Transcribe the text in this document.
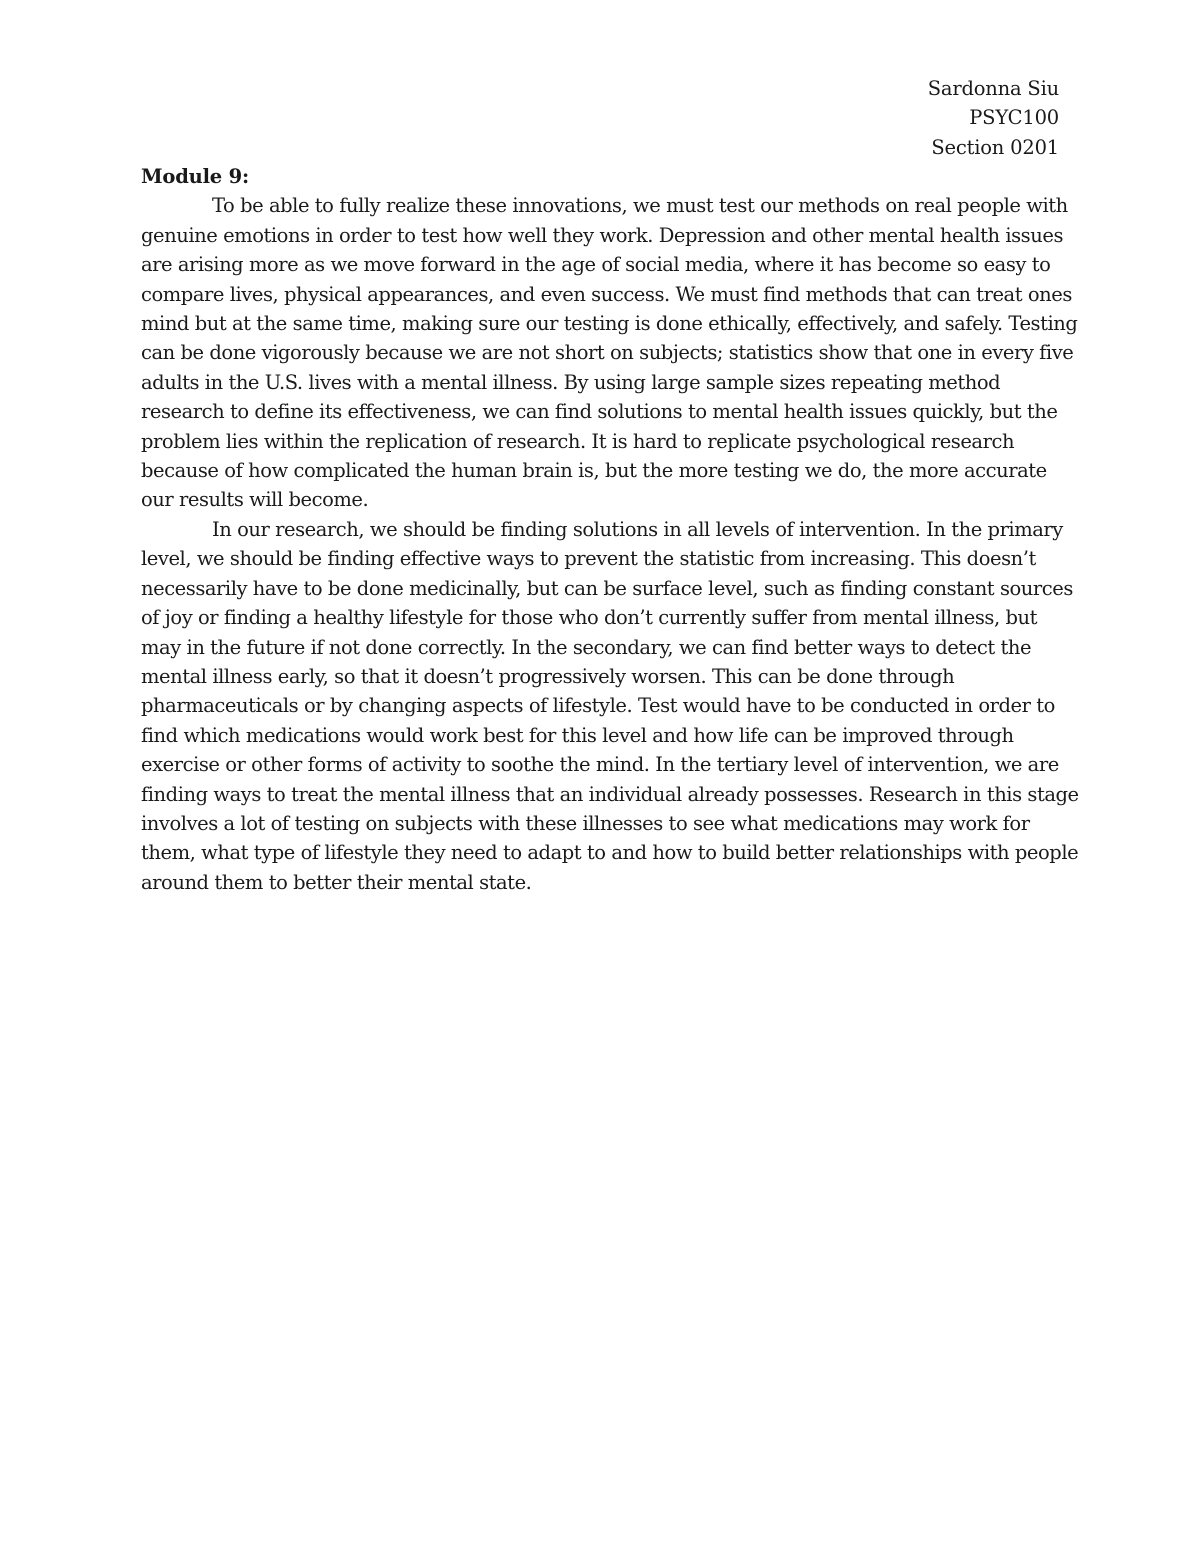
Sardonna Siu
PSYC100
Section 0201

Module 9:

To be able to fully realize these innovations, we must test our methods on real people with genuine emotions in order to test how well they work. Depression and other mental health issues are arising more as we move forward in the age of social media, where it has become so easy to compare lives, physical appearances, and even success. We must find methods that can treat ones mind but at the same time, making sure our testing is done ethically, effectively, and safely. Testing can be done vigorously because we are not short on subjects; statistics show that one in every five adults in the U.S. lives with a mental illness. By using large sample sizes repeating method research to define its effectiveness, we can find solutions to mental health issues quickly, but the problem lies within the replication of research. It is hard to replicate psychological research because of how complicated the human brain is, but the more testing we do, the more accurate our results will become.

In our research, we should be finding solutions in all levels of intervention. In the primary level, we should be finding effective ways to prevent the statistic from increasing. This doesn’t necessarily have to be done medicinally, but can be surface level, such as finding constant sources of joy or finding a healthy lifestyle for those who don’t currently suffer from mental illness, but may in the future if not done correctly. In the secondary, we can find better ways to detect the mental illness early, so that it doesn’t progressively worsen. This can be done through pharmaceuticals or by changing aspects of lifestyle. Test would have to be conducted in order to find which medications would work best for this level and how life can be improved through exercise or other forms of activity to soothe the mind. In the tertiary level of intervention, we are finding ways to treat the mental illness that an individual already possesses. Research in this stage involves a lot of testing on subjects with these illnesses to see what medications may work for them, what type of lifestyle they need to adapt to and how to build better relationships with people around them to better their mental state.
